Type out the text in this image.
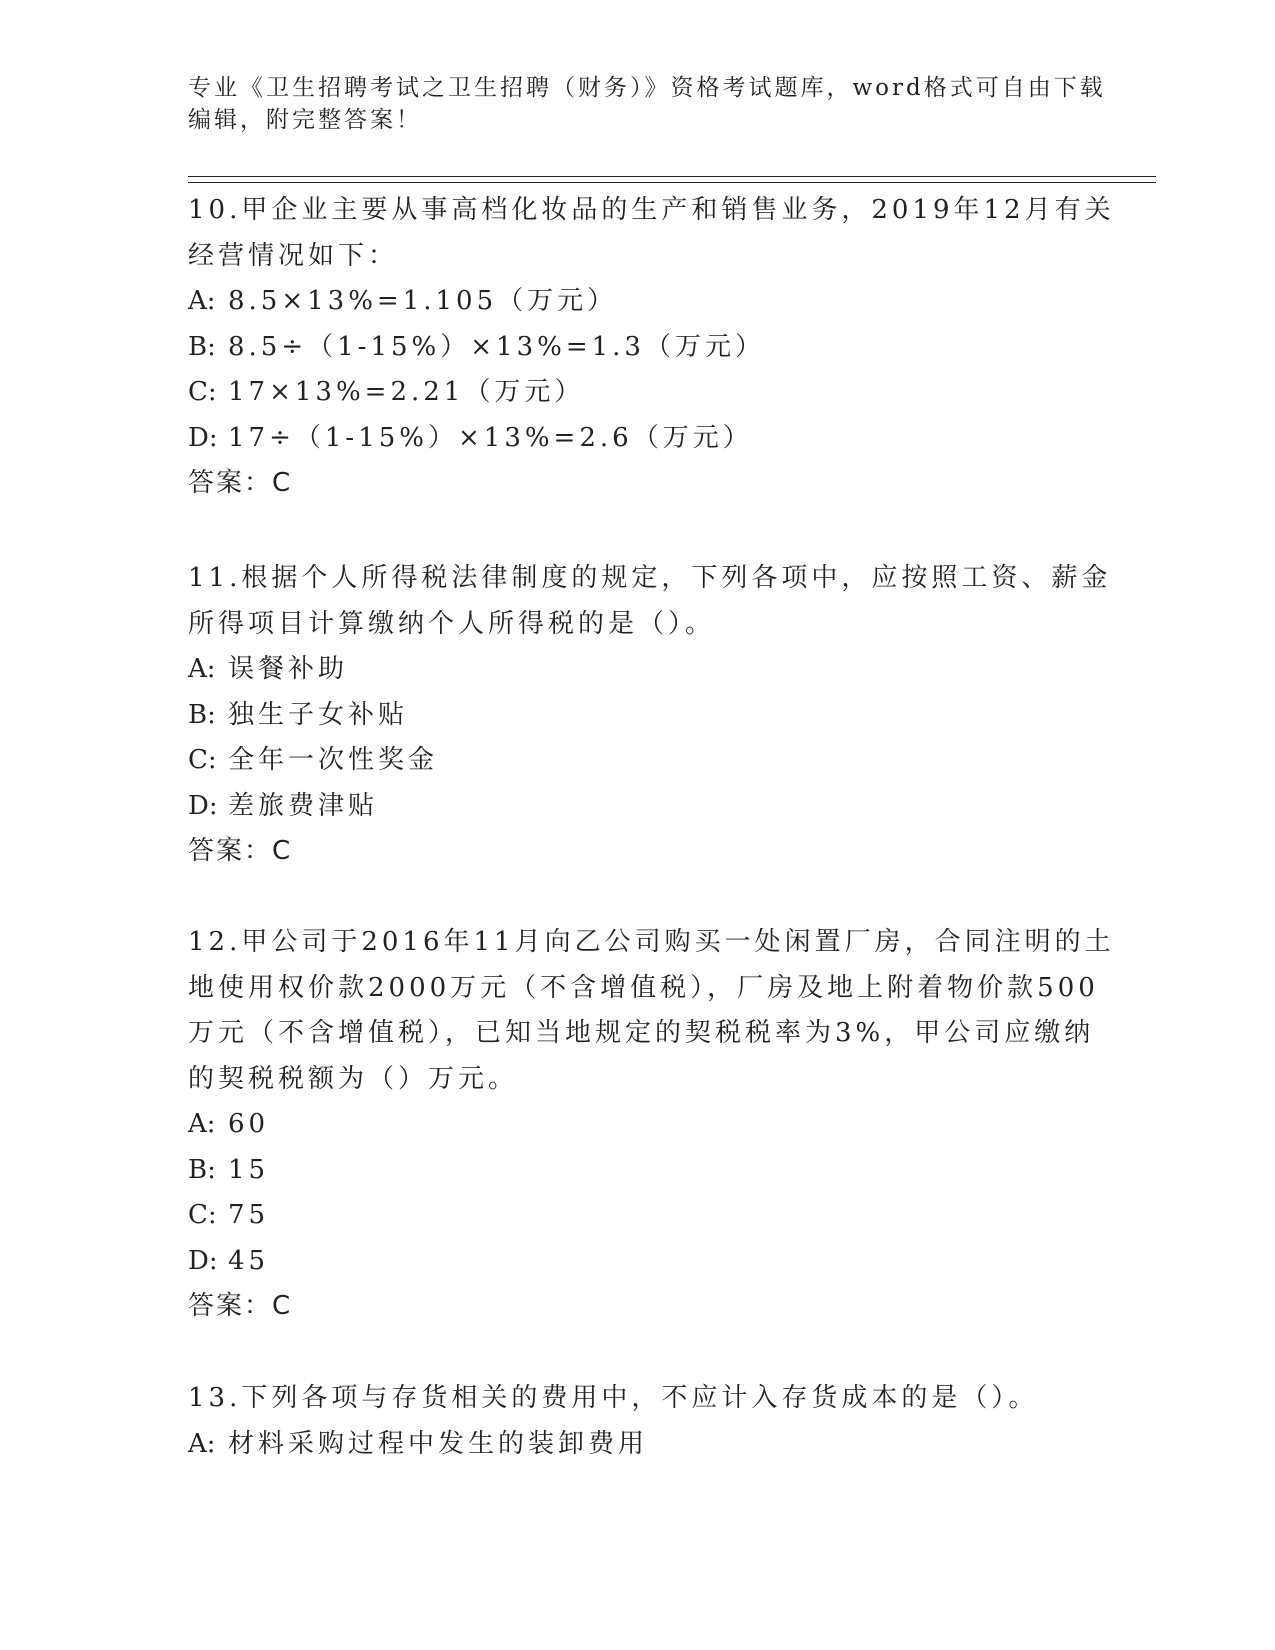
专业《卫生招聘考试之卫生招聘（财务）》资格考试题库，word格式可自由下载

编辑，附完整答案！

10.甲企业主要从事高档化妆品的生产和销售业务，2019年12月有关
经营情况如下：
A: 8.5×13%=1.105（万元）
B: 8.5÷（1-15%）×13%=1.3（万元）
C: 17×13%=2.21（万元）
D: 17÷（1-15%）×13%=2.6（万元）
答案：C
11.根据个人所得税法律制度的规定，下列各项中，应按照工资、薪金
所得项目计算缴纳个人所得税的是（）。
A: 误餐补助
B: 独生子女补贴
C: 全年一次性奖金
D: 差旅费津贴
答案：C
12.甲公司于2016年11月向乙公司购买一处闲置厂房，合同注明的土
地使用权价款2000万元（不含增值税），厂房及地上附着物价款500
万元（不含增值税），已知当地规定的契税税率为3%，甲公司应缴纳
的契税税额为（）万元。
A: 60
B: 15
C: 75
D: 45
答案：C
13.下列各项与存货相关的费用中，不应计入存货成本的是（）。
A: 材料采购过程中发生的装卸费用
